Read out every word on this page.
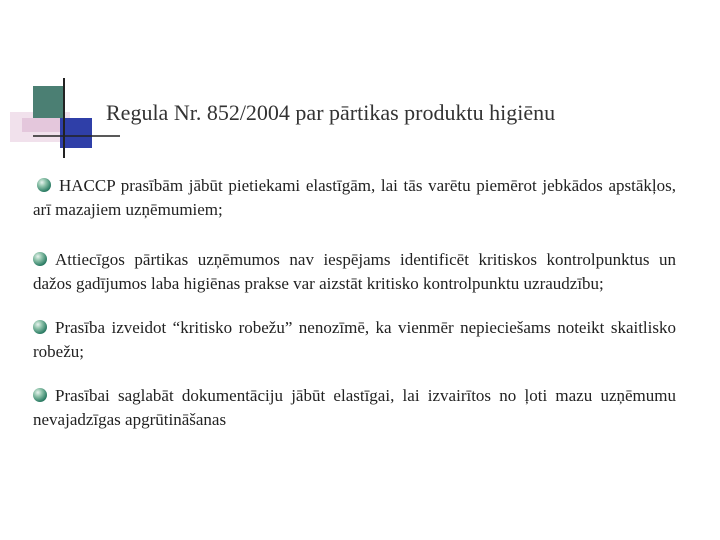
Regula Nr. 852/2004 par pārtikas produktu higiēnu

HACCP prasībām jābūt pietiekami elastīgām, lai tās varētu piemērot jebkādos apstākļos, arī mazajiem uzņēmumiem;

Attiecīgos pārtikas uzņēmumos nav iespējams identificēt kritiskos kontrolpunktus un dažos gadījumos laba higiēnas prakse var aizstāt kritisko kontrolpunktu uzraudzību;

Prasība izveidot “kritisko robežu” nenozīmē, ka vienmēr nepieciešams noteikt skaitlisko robežu;

Prasībai saglabāt dokumentāciju jābūt elastīgai, lai izvairītos no ļoti mazu uzņēmumu nevajadzīgas apgrūtināšanas
